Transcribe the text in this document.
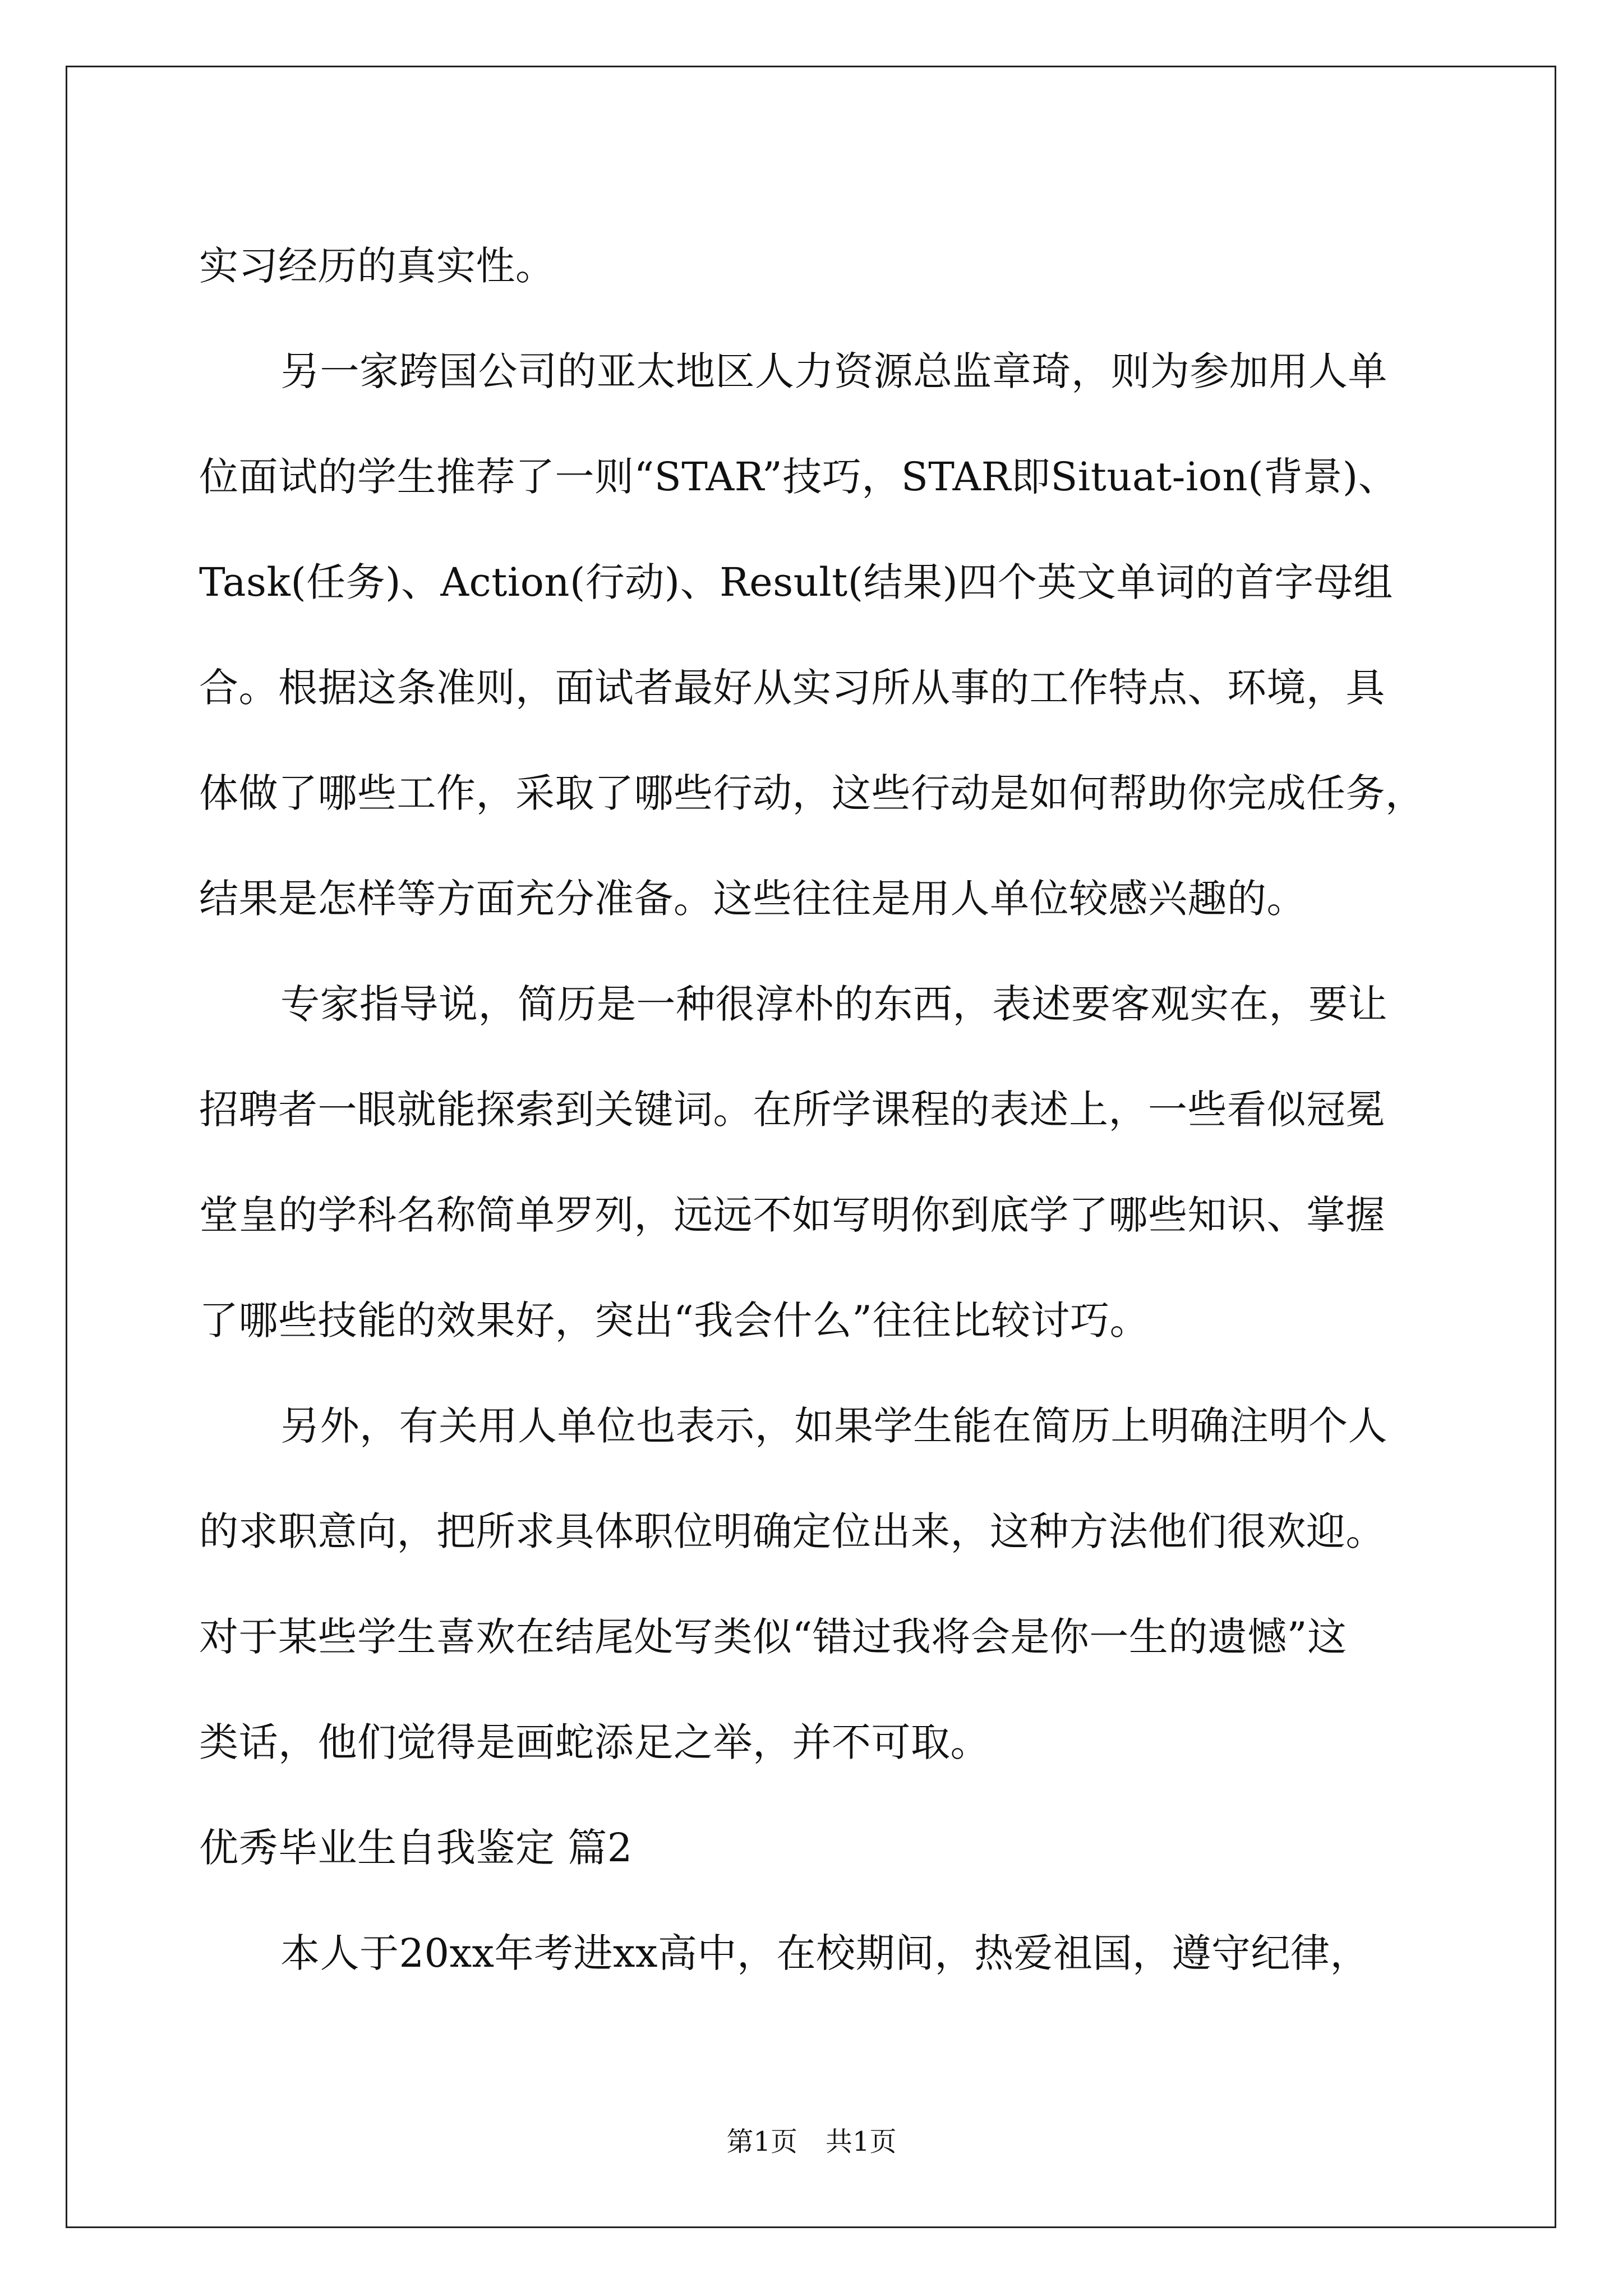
实习经历的真实性。
另一家跨国公司的亚太地区人力资源总监章琦，则为参加用人单
位面试的学生推荐了一则“STAR”技巧，STAR即Situat-ion(背景)、
Task(任务)、Action(行动)、Result(结果)四个英文单词的首字母组
合。根据这条准则，面试者最好从实习所从事的工作特点、环境，具
体做了哪些工作，采取了哪些行动，这些行动是如何帮助你完成任务，
结果是怎样等方面充分准备。这些往往是用人单位较感兴趣的。
专家指导说，简历是一种很淳朴的东西，表述要客观实在，要让
招聘者一眼就能探索到关键词。在所学课程的表述上，一些看似冠冕
堂皇的学科名称简单罗列，远远不如写明你到底学了哪些知识、掌握
了哪些技能的效果好，突出“我会什么”往往比较讨巧。
另外，有关用人单位也表示，如果学生能在简历上明确注明个人
的求职意向，把所求具体职位明确定位出来，这种方法他们很欢迎。
对于某些学生喜欢在结尾处写类似“错过我将会是你一生的遗憾”这
类话，他们觉得是画蛇添足之举，并不可取。
优秀毕业生自我鉴定 篇2
本人于20xx年考进xx高中，在校期间，热爱祖国，遵守纪律，
第1页 共1页
